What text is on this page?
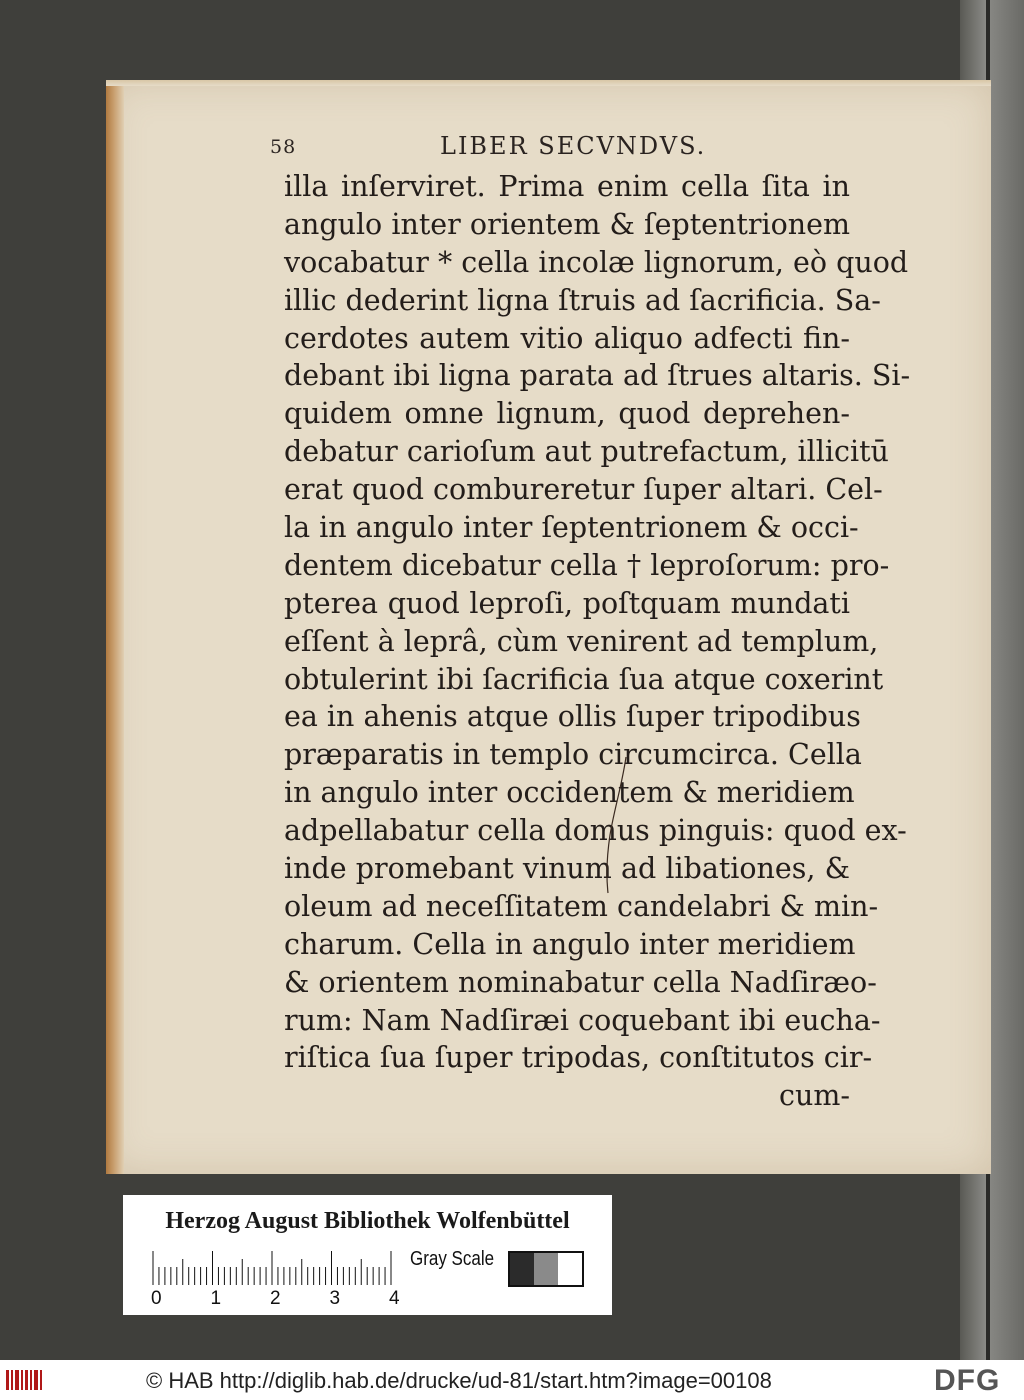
58	LIBER SECVNDVS.
illa inſerviret. Prima enim cella ſita in
angulo inter orientem & ſeptentrionem
vocabatur * cella incolæ lignorum, eò quod
illic dederint ligna ſtruis ad ſacrificia. Sa-
cerdotes autem vitio aliquo adfecti fin-
debant ibi ligna parata ad ſtrues altaris. Si-
quidem omne lignum, quod deprehen-
debatur carioſum aut putrefactum, illicitū
erat quod combureretur ſuper altari. Cel-
la in angulo inter ſeptentrionem & occi-
dentem dicebatur cella † leproſorum: pro-
pterea quod leproſi, poſtquam mundati
eſſent à leprâ, cùm venirent ad templum,
obtulerint ibi ſacrificia ſua atque coxerint
ea in ahenis atque ollis ſuper tripodibus
præparatis in templo circumcirca. Cella
in angulo inter occidentem & meridiem
adpellabatur cella domus pinguis: quod ex-
inde promebant vinum ad libationes, &
oleum ad neceſſitatem candelabri & min-
charum. Cella in angulo inter meridiem
& orientem nominabatur cella Nadſiræo-
rum: Nam Nadſiræi coquebant ibi eucha-
riſtica ſua ſuper tripodas, conſtitutos cir-
cum-
Herzog August Bibliothek Wolfenbüttel
0	1	2	3	4
Gray Scale
© HAB http://diglib.hab.de/drucke/ud-81/start.htm?image=00108	DFG
